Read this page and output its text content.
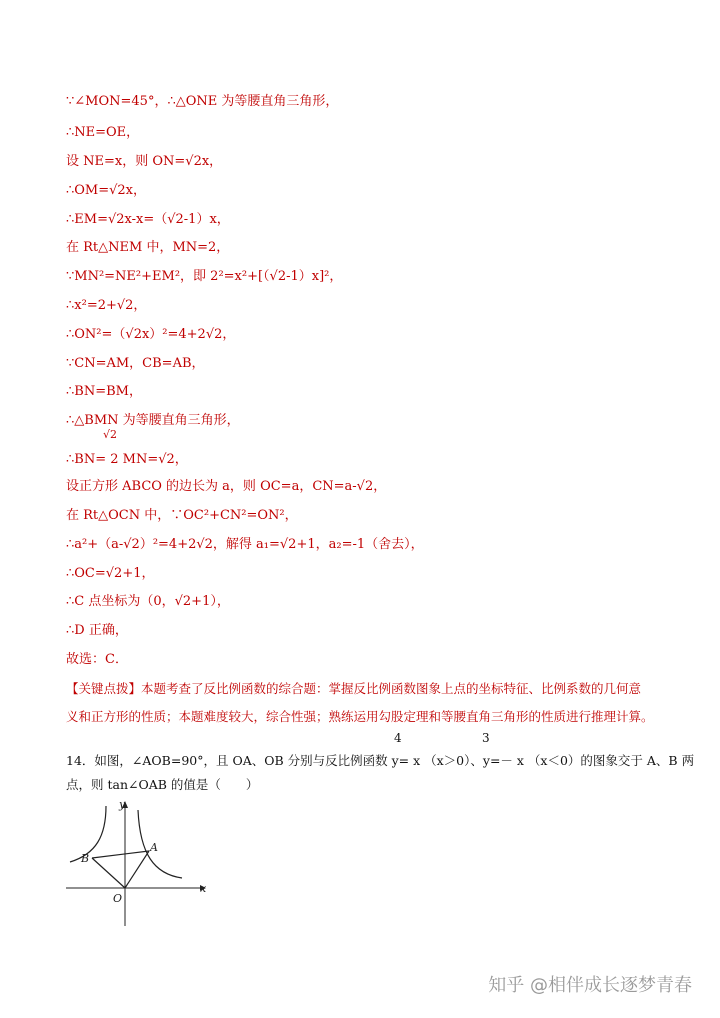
∵∠MON=45°，∴△ONE 为等腰直角三角形，
∴NE=OE，
设 NE=x，则 ON=√2x，
∴OM=√2x，
∴EM=√2x-x=（√2-1）x，
在 Rt△NEM 中，MN=2，
∵MN²=NE²+EM²，即 2²=x²+[（√2-1）x]²，
∴x²=2+√2，
∴ON²=（√2x）²=4+2√2，
∵CN=AM，CB=AB，
∴BN=BM，
∴△BMN 为等腰直角三角形，
√2
∴BN= 2 MN=√2，
设正方形 ABCO 的边长为 a，则 OC=a，CN=a-√2，
在 Rt△OCN 中，∵OC²+CN²=ON²，
∴a²+（a-√2）²=4+2√2，解得 a₁=√2+1，a₂=-1（舍去），
∴OC=√2+1，
∴C 点坐标为（0，√2+1），
∴D 正确，
故选：C．
【关键点拨】本题考查了反比例函数的综合题：掌握反比例函数图象上点的坐标特征、比例系数的几何意
义和正方形的性质；本题难度较大，综合性强；熟练运用勾股定理和等腰直角三角形的性质进行推理计算。
4	3
14．如图，∠AOB=90°，且 OA、OB 分别与反比例函数 y= x （x＞0）、y=－ x （x＜0）的图象交于 A、B 两
点，则 tan∠OAB 的值是（　　）
y
x
O
A
B
知乎 @相伴成长逐梦青春
